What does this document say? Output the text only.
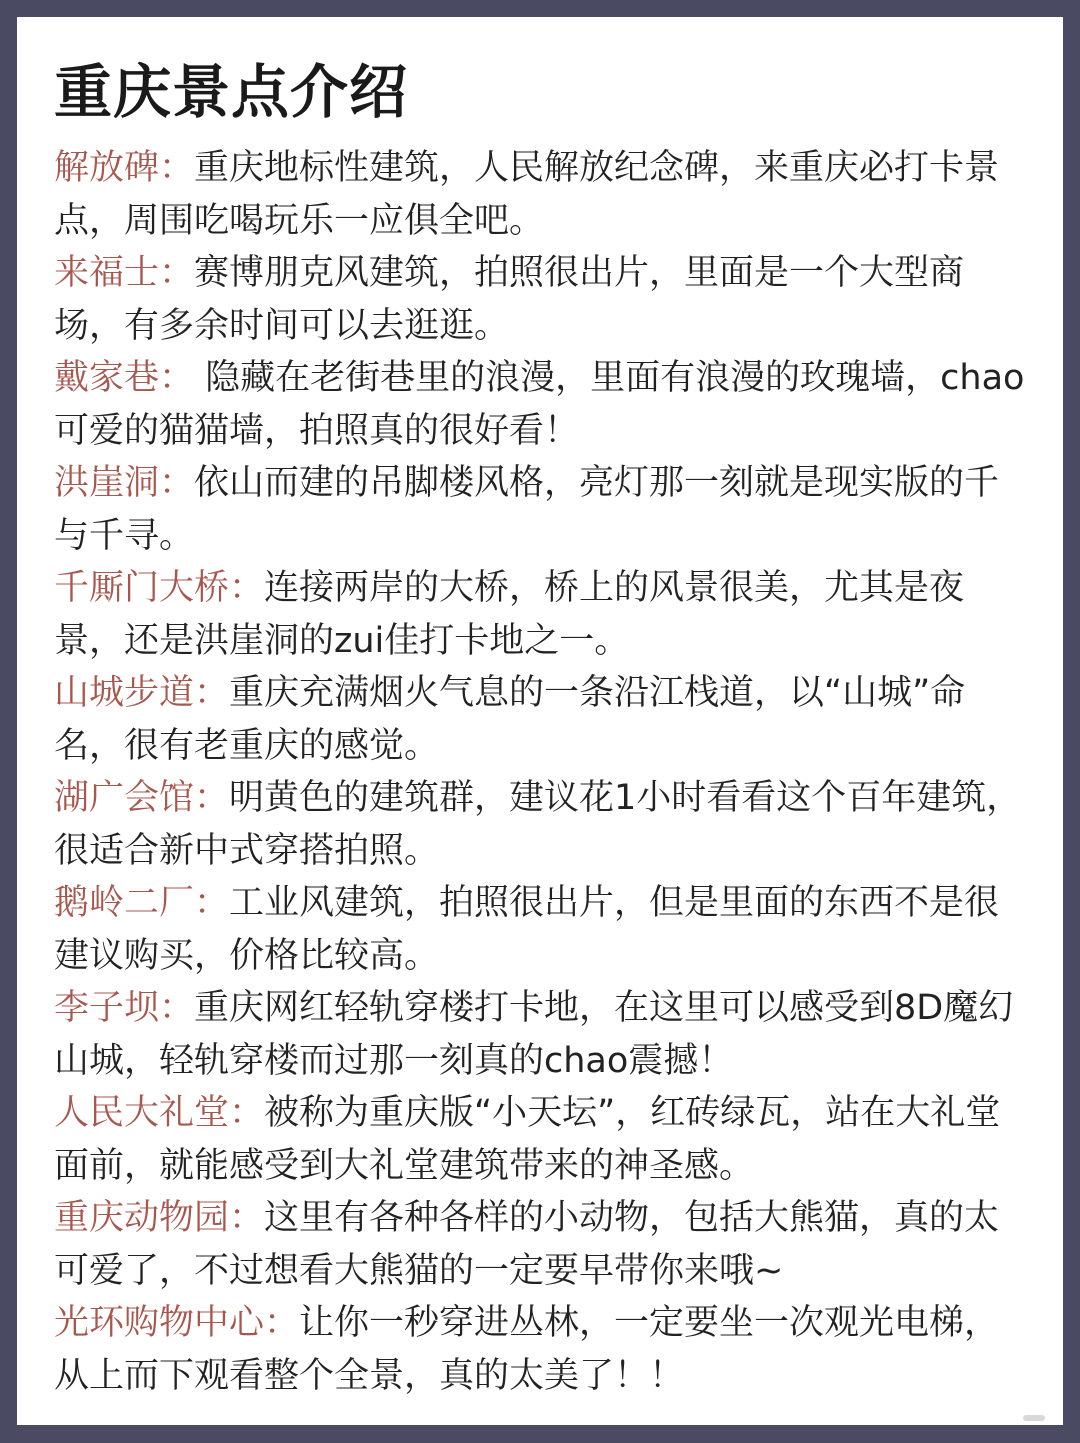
重庆景点介绍

解放碑：重庆地标性建筑，人民解放纪念碑，来重庆必打卡景点，周围吃喝玩乐一应俱全吧。

来福士：赛博朋克风建筑，拍照很出片，里面是一个大型商场，有多余时间可以去逛逛。

戴家巷： 隐藏在老街巷里的浪漫，里面有浪漫的玫瑰墙，chao可爱的猫猫墙，拍照真的很好看！

洪崖洞：依山而建的吊脚楼风格，亮灯那一刻就是现实版的千与千寻。

千厮门大桥：连接两岸的大桥，桥上的风景很美，尤其是夜景，还是洪崖洞的zui佳打卡地之一。

山城步道：重庆充满烟火气息的一条沿江栈道，以“山城”命名，很有老重庆的感觉。

湖广会馆：明黄色的建筑群，建议花1小时看看这个百年建筑，很适合新中式穿搭拍照。

鹅岭二厂：工业风建筑，拍照很出片，但是里面的东西不是很建议购买，价格比较高。

李子坝：重庆网红轻轨穿楼打卡地，在这里可以感受到8D魔幻山城，轻轨穿楼而过那一刻真的chao震撼！

人民大礼堂：被称为重庆版“小天坛”，红砖绿瓦，站在大礼堂面前，就能感受到大礼堂建筑带来的神圣感。

重庆动物园：这里有各种各样的小动物，包括大熊猫，真的太可爱了，不过想看大熊猫的一定要早带你来哦~

光环购物中心：让你一秒穿进丛林，一定要坐一次观光电梯，从上而下观看整个全景，真的太美了！！
